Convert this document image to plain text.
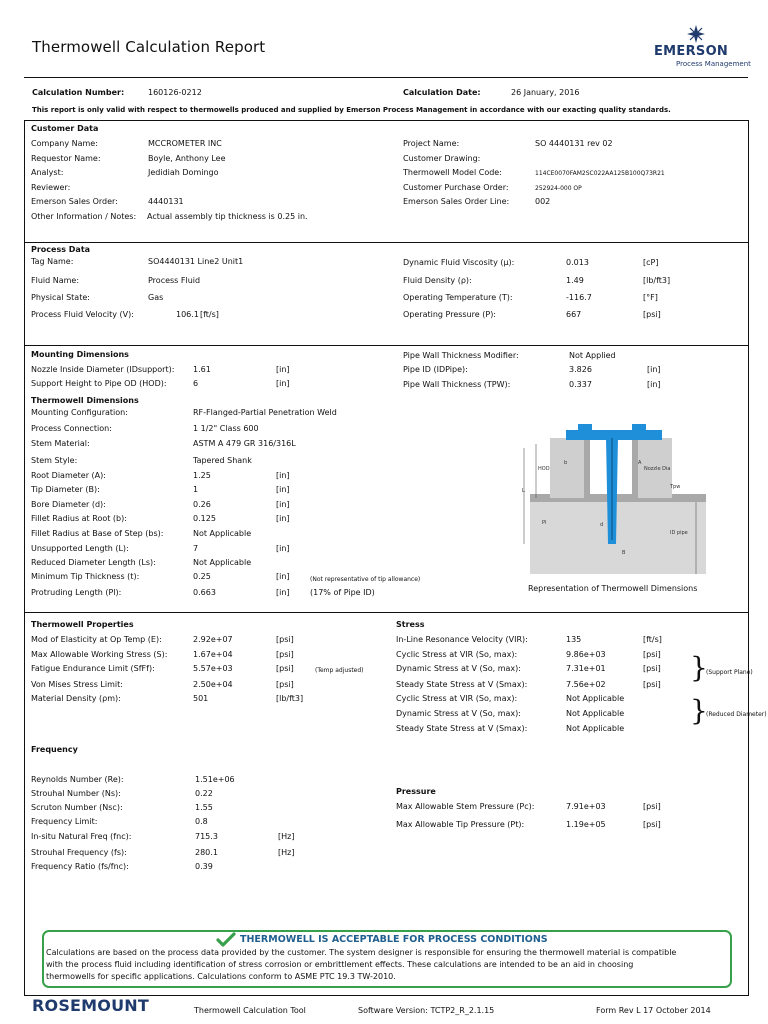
Thermowell Calculation Report	EMERSON
Process Management
Calculation Number:	160126-0212	Calculation Date:	26 January, 2016
This report is only valid with respect to thermowells produced and supplied by Emerson Process Management in accordance with our exacting quality standards.
Customer Data
Company Name:	MCCROMETER INC
Requestor Name:	Boyle, Anthony Lee
Analyst:	Jedidiah Domingo
Reviewer:
Emerson Sales Order:	4440131
Other Information / Notes: Actual assembly tip thickness is 0.25 in.
Project Name:	SO 4440131 rev 02
Customer Drawing:
Thermowell Model Code:	114CE0070FAM2SC022AA125B100Q73R21
Customer Purchase Order:	252924-000 OP
Emerson Sales Order Line:	002
Process Data
Tag Name:	SO4440131 Line2 Unit1
Fluid Name:	Process Fluid
Physical State:	Gas
Process Fluid Velocity (V):	106.1 [ft/s]
Dynamic Fluid Viscosity (μ):	0.013	[cP]
Fluid Density (ρ):	1.49	[lb/ft3]
Operating Temperature (T):	-116.7	[°F]
Operating Pressure (P):	667	[psi]
Mounting Dimensions
Nozzle Inside Diameter (IDsupport): 1.61	[in]
Support Height to Pipe OD (HOD):	6	[in]
Pipe Wall Thickness Modifier:	Not Applied
Pipe ID (IDPipe):	3.826	[in]
Pipe Wall Thickness (TPW):	0.337	[in]
Thermowell Dimensions
Mounting Configuration:	RF-Flanged-Partial Penetration Weld
Process Connection:	1 1/2" Class 600
Stem Material:	ASTM A 479 GR 316/316L
Stem Style:	Tapered Shank
Root Diameter (A):	1.25	[in]
Tip Diameter (B):	1	[in]
Bore Diameter (d):	0.26	[in]
Fillet Radius at Root (b):	0.125	[in]
Fillet Radius at Base of Step (bs):	Not Applicable
Unsupported Length (L):	7	[in]
Reduced Diameter Length (Ls):	Not Applicable
Minimum Tip Thickness (t):	0.25	[in]
Protruding Length (Pl):	0.663	[in]
(Not representative of tip allowance)
(17% of Pipe ID)
HOD	Nozzle Dia
Tpw
ID pipe
A
b
d
B
Pl
L
Representation of Thermowell Dimensions
Thermowell Properties
Mod of Elasticity at Op Temp (E):	2.92e+07	[psi]
Max Allowable Working Stress (S):	1.67e+04	[psi]
Fatigue Endurance Limit (SfFf):	5.57e+03	[psi]
Von Mises Stress Limit:	2.50e+04	[psi]
Material Density (ρm):	501	[lb/ft3]
(Temp adjusted)
Stress
In-Line Resonance Velocity (VIR):	135	[ft/s]
Cyclic Stress at VIR (So, max):	9.86e+03	[psi]
Dynamic Stress at V (So, max):	7.31e+01	[psi]
Steady State Stress at V (Smax):	7.56e+02	[psi]
Cyclic Stress at VIR (So, max):	Not Applicable
Dynamic Stress at V (So, max):	Not Applicable
Steady State Stress at V (Smax):	Not Applicable
}
(Support Plane)
}
(Reduced Diameter)
Frequency
Reynolds Number (Re):	1.51e+06
Strouhal Number (Ns):	0.22
Scruton Number (Nsc):	1.55
Frequency Limit:	0.8
In-situ Natural Freq (fnc):	715.3	[Hz]
Strouhal Frequency (fs):	280.1	[Hz]
Frequency Ratio (fs/fnc):	0.39
Pressure
Max Allowable Stem Pressure (Pc):	7.91e+03	[psi]
Max Allowable Tip Pressure (Pt):	1.19e+05	[psi]
THERMOWELL IS ACCEPTABLE FOR PROCESS CONDITIONS
Calculations are based on the process data provided by the customer. The system designer is responsible for ensuring the thermowell material is compatible
with the process fluid including identification of stress corrosion or embrittlement effects. These calculations are intended to be an aid in choosing
thermowells for specific applications. Calculations conform to ASME PTC 19.3 TW-2010.
ROSEMOUNT	Thermowell Calculation Tool	Software Version: TCTP2_R_2.1.15	Form Rev L 17 October 2014
